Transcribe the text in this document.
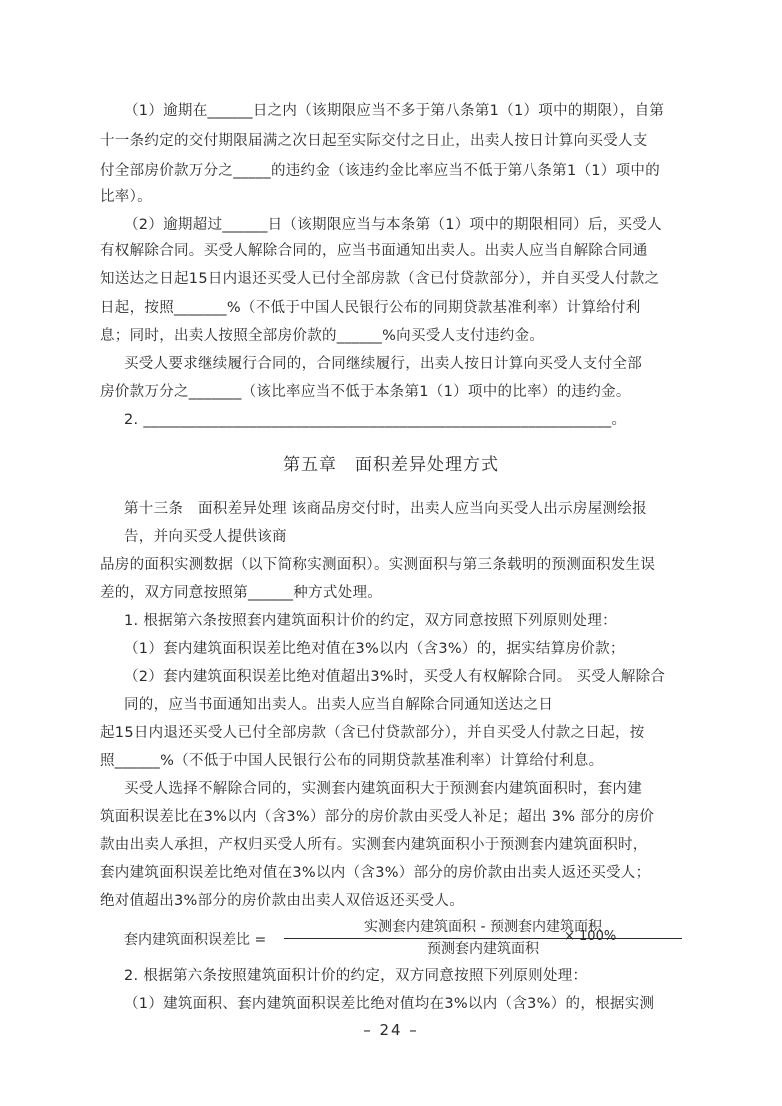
（1）逾期在______日之内（该期限应当不多于第八条第1（1）项中的期限），自第
十一条约定的交付期限届满之次日起至实际交付之日止，出卖人按日计算向买受人支
付全部房价款万分之_____的违约金（该违约金比率应当不低于第八条第1（1）项中的
比率）。
（2）逾期超过______日（该期限应当与本条第（1）项中的期限相同）后，买受人
有权解除合同。买受人解除合同的，应当书面通知出卖人。出卖人应当自解除合同通
知送达之日起15日内退还买受人已付全部房款（含已付贷款部分），并自买受人付款之
日起，按照_______%（不低于中国人民银行公布的同期贷款基准利率）计算给付利
息；同时，出卖人按照全部房价款的______%向买受人支付违约金。
买受人要求继续履行合同的，合同继续履行，出卖人按日计算向买受人支付全部
房价款万分之_______（该比率应当不低于本条第1（1）项中的比率）的违约金。
2. ______________________________________________________________。
第五章　面积差异处理方式
第十三条　面积差异处理 该商品房交付时，出卖人应当向买受人出示房屋测绘报
告，并向买受人提供该商
品房的面积实测数据（以下简称实测面积）。实测面积与第三条载明的预测面积发生误
差的，双方同意按照第______种方式处理。
1. 根据第六条按照套内建筑面积计价的约定，双方同意按照下列原则处理：
（1）套内建筑面积误差比绝对值在3%以内（含3%）的，据实结算房价款；
（2）套内建筑面积误差比绝对值超出3%时，买受人有权解除合同。 买受人解除合
同的，应当书面通知出卖人。出卖人应当自解除合同通知送达之日
起15日内退还买受人已付全部房款（含已付贷款部分），并自买受人付款之日起，按
照______%（不低于中国人民银行公布的同期贷款基准利率）计算给付利息。
买受人选择不解除合同的，实测套内建筑面积大于预测套内建筑面积时，套内建
筑面积误差比在3%以内（含3%）部分的房价款由买受人补足；超出 3% 部分的房价
款由出卖人承担，产权归买受人所有。实测套内建筑面积小于预测套内建筑面积时，
套内建筑面积误差比绝对值在3%以内（含3%）部分的房价款由出卖人返还买受人；
绝对值超出3%部分的房价款由出卖人双倍返还买受人。
套内建筑面积误差比 =
实测套内建筑面积 - 预测套内建筑面积
预测套内建筑面积
× 100%
2. 根据第六条按照建筑面积计价的约定，双方同意按照下列原则处理：
（1）建筑面积、套内建筑面积误差比绝对值均在3%以内（含3%）的，根据实测
– 24 –
